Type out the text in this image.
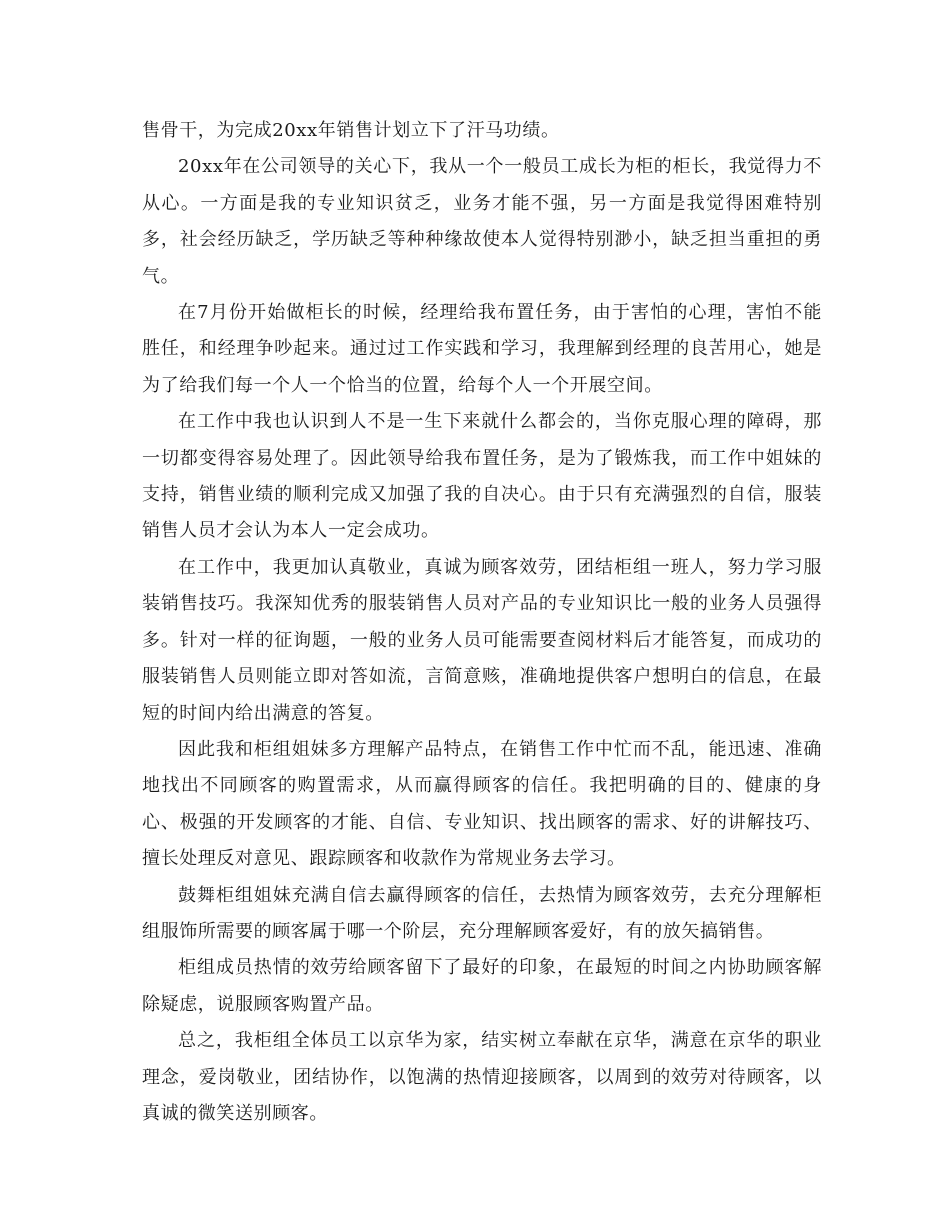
售骨干，为完成20xx年销售计划立下了汗马功绩。

20xx年在公司领导的关心下，我从一个一般员工成长为柜的柜长，我觉得力不从心。一方面是我的专业知识贫乏，业务才能不强，另一方面是我觉得困难特别多，社会经历缺乏，学历缺乏等种种缘故使本人觉得特别渺小，缺乏担当重担的勇气。

在7月份开始做柜长的时候，经理给我布置任务，由于害怕的心理，害怕不能胜任，和经理争吵起来。通过过工作实践和学习，我理解到经理的良苦用心，她是为了给我们每一个人一个恰当的位置，给每个人一个开展空间。

在工作中我也认识到人不是一生下来就什么都会的，当你克服心理的障碍，那一切都变得容易处理了。因此领导给我布置任务，是为了锻炼我，而工作中姐妹的支持，销售业绩的顺利完成又加强了我的自决心。由于只有充满强烈的自信，服装销售人员才会认为本人一定会成功。

在工作中，我更加认真敬业，真诚为顾客效劳，团结柜组一班人，努力学习服装销售技巧。我深知优秀的服装销售人员对产品的专业知识比一般的业务人员强得多。针对一样的征询题，一般的业务人员可能需要查阅材料后才能答复，而成功的服装销售人员则能立即对答如流，言简意赅，准确地提供客户想明白的信息，在最短的时间内给出满意的答复。

因此我和柜组姐妹多方理解产品特点，在销售工作中忙而不乱，能迅速、准确地找出不同顾客的购置需求，从而赢得顾客的信任。我把明确的目的、健康的身心、极强的开发顾客的才能、自信、专业知识、找出顾客的需求、好的讲解技巧、擅长处理反对意见、跟踪顾客和收款作为常规业务去学习。

鼓舞柜组姐妹充满自信去赢得顾客的信任，去热情为顾客效劳，去充分理解柜组服饰所需要的顾客属于哪一个阶层，充分理解顾客爱好，有的放矢搞销售。

柜组成员热情的效劳给顾客留下了最好的印象，在最短的时间之内协助顾客解除疑虑，说服顾客购置产品。

总之，我柜组全体员工以京华为家，结实树立奉献在京华，满意在京华的职业理念，爱岗敬业，团结协作，以饱满的热情迎接顾客，以周到的效劳对待顾客，以真诚的微笑送别顾客。
